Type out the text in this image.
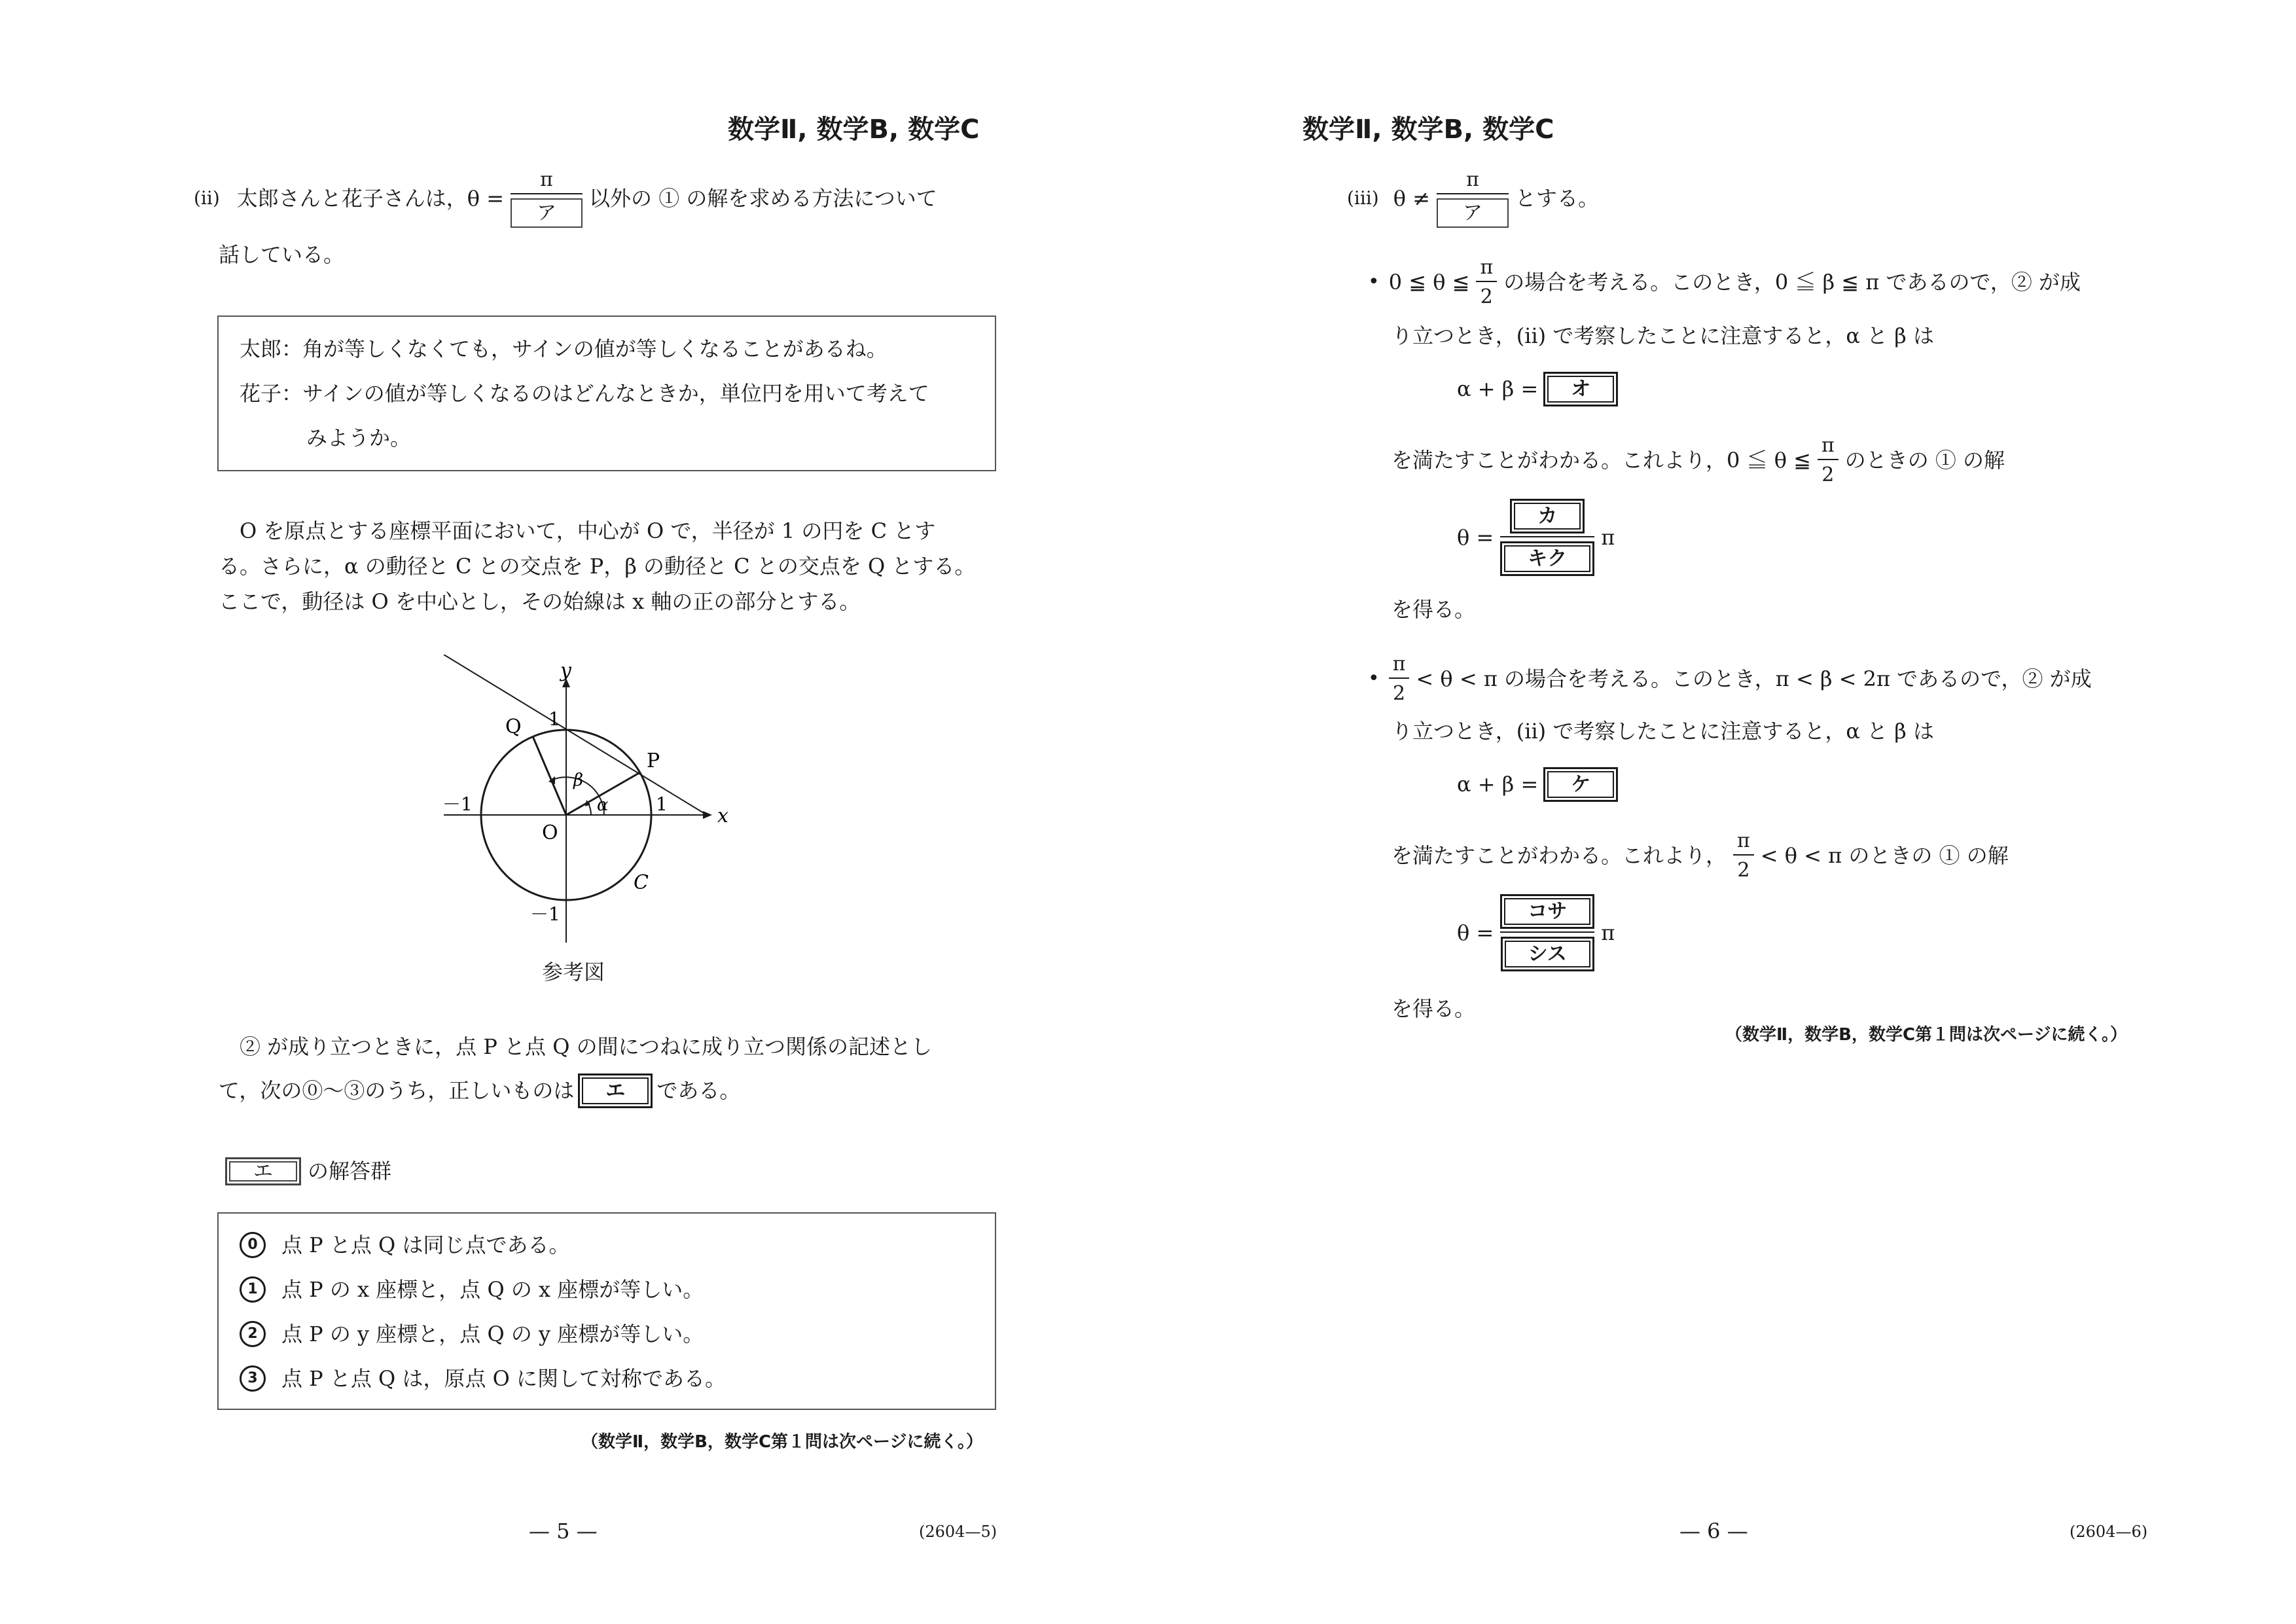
数学Ⅱ, 数学B, 数学C
(ii) 太郎さんと花子さんは，$\theta = \frac{\pi}{\text{ア}}$ 以外の ① の解を求める方法について
話している。
太郎：角が等しくなくても，サインの値が等しくなることがあるね。
花子：サインの値が等しくなるのはどんなときか，単位円を用いて考えて
みようか。
O を原点とする座標平面において，中心が O で，半径が 1 の円を C とす
る。さらに，α の動径と C との交点を P，β の動径と C との交点を Q とする。
ここで，動径は O を中心とし，その始線は x 軸の正の部分とする。
y
x
1
1
－1
－1
O
P
Q
C
α
β
参考図
② が成り立つときに，点 P と点 Q の間につねに成り立つ関係の記述とし
て，次の⓪～③のうち，正しいものは	エ	である。
エ	の解答群
0	点 P と点 Q は同じ点である。
1	点 P の x 座標と，点 Q の x 座標が等しい。
2	点 P の y 座標と，点 Q の y 座標が等しい。
3	点 P と点 Q は，原点 O に関して対称である。
（数学Ⅱ，数学B，数学C第１問は次ページに続く。）
— 5 —	(2604—5)
数学Ⅱ, 数学B, 数学C
(iii) $\theta \ne \frac{\pi}{\text{ア}}$ とする。
• 0 ≦ θ ≦ $\frac{\pi}{2}$ の場合を考える。このとき，0 ≦ β ≦ π であるので，② が成
り立つとき，(ii) で考察したことに注意すると，α と β は
α + β =	オ
を満たすことがわかる。これより，0 ≦ θ ≦ $\frac{\pi}{2}$ のときの ① の解
$\theta = \frac{\text{カ}}{\text{キク}}$ π
を得る。
• $\frac{\pi}{2} < \theta < \pi$ の場合を考える。このとき，π < β < 2π であるので，② が成
り立つとき，(ii) で考察したことに注意すると，α と β は
α + β =	ケ
を満たすことがわかる。これより， $\frac{\pi}{2} < \theta < \pi$ のときの ① の解
$\theta = \frac{\text{コサ}}{\text{シス}}$ π
を得る。
（数学Ⅱ，数学B，数学C第１問は次ページに続く。）
— 6 —	(2604—6)
